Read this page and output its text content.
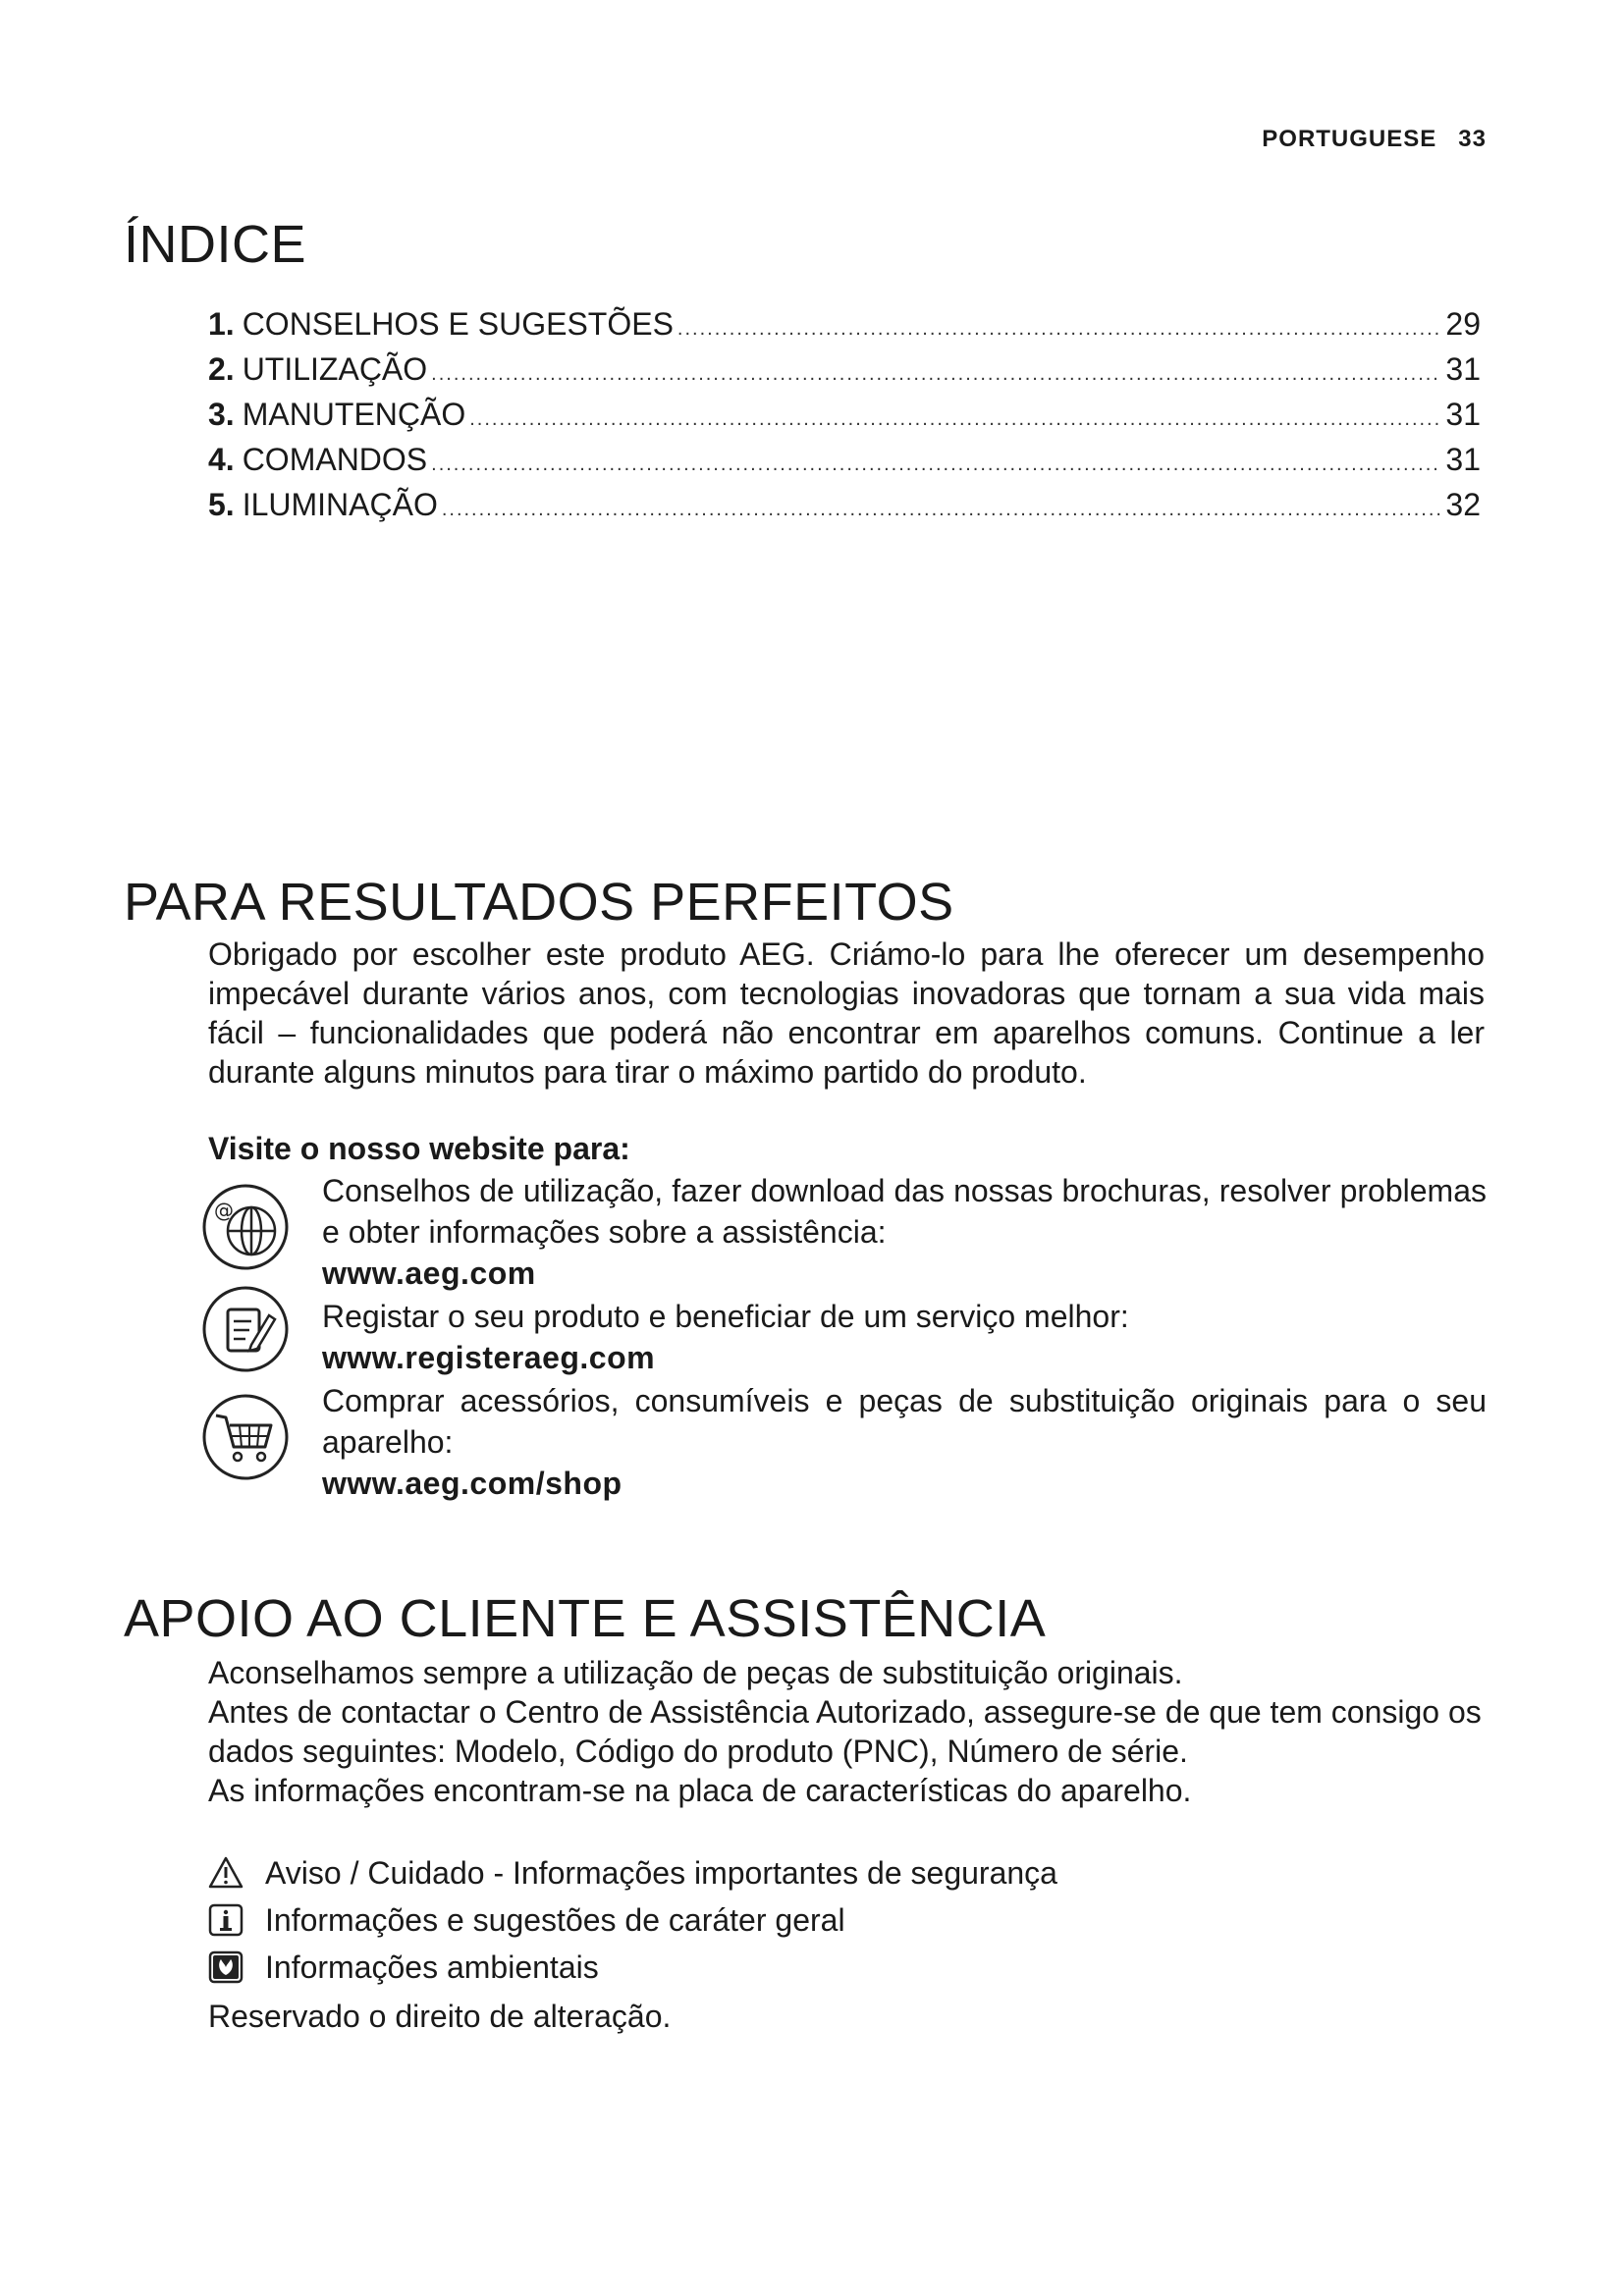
PORTUGUESE 33
ÍNDICE
1. CONSELHOS E SUGESTÕES .....	29
2. UTILIZAÇÃO .....	31
3. MANUTENÇÃO .....	31
4. COMANDOS .....	31
5. ILUMINAÇÃO .....	32
PARA RESULTADOS PERFEITOS

Obrigado por escolher este produto AEG. Criámo-lo para lhe oferecer um desempenho impecável durante vários anos, com tecnologias inovadoras que tornam a sua vida mais fácil – funcionalidades que poderá não encontrar em aparelhos comuns. Continue a ler durante alguns minutos para tirar o máximo partido do produto.

Visite o nosso website para:
@
Conselhos de utilização, fazer download das nossas brochuras, resolver problemas e obter informações sobre a assistência:
www.aeg.com
Registar o seu produto e beneficiar de um serviço melhor:
www.registeraeg.com
Comprar acessórios, consumíveis e peças de substituição originais para o seu aparelho:
www.aeg.com/shop
APOIO AO CLIENTE E ASSISTÊNCIA
Aconselhamos sempre a utilização de peças de substituição originais.
Antes de contactar o Centro de Assistência Autorizado, assegure-se de que tem consigo os dados seguintes: Modelo, Código do produto (PNC), Número de série.
As informações encontram-se na placa de características do aparelho.
Aviso / Cuidado - Informações importantes de segurança
Informações e sugestões de caráter geral
Informações ambientais
Reservado o direito de alteração.
